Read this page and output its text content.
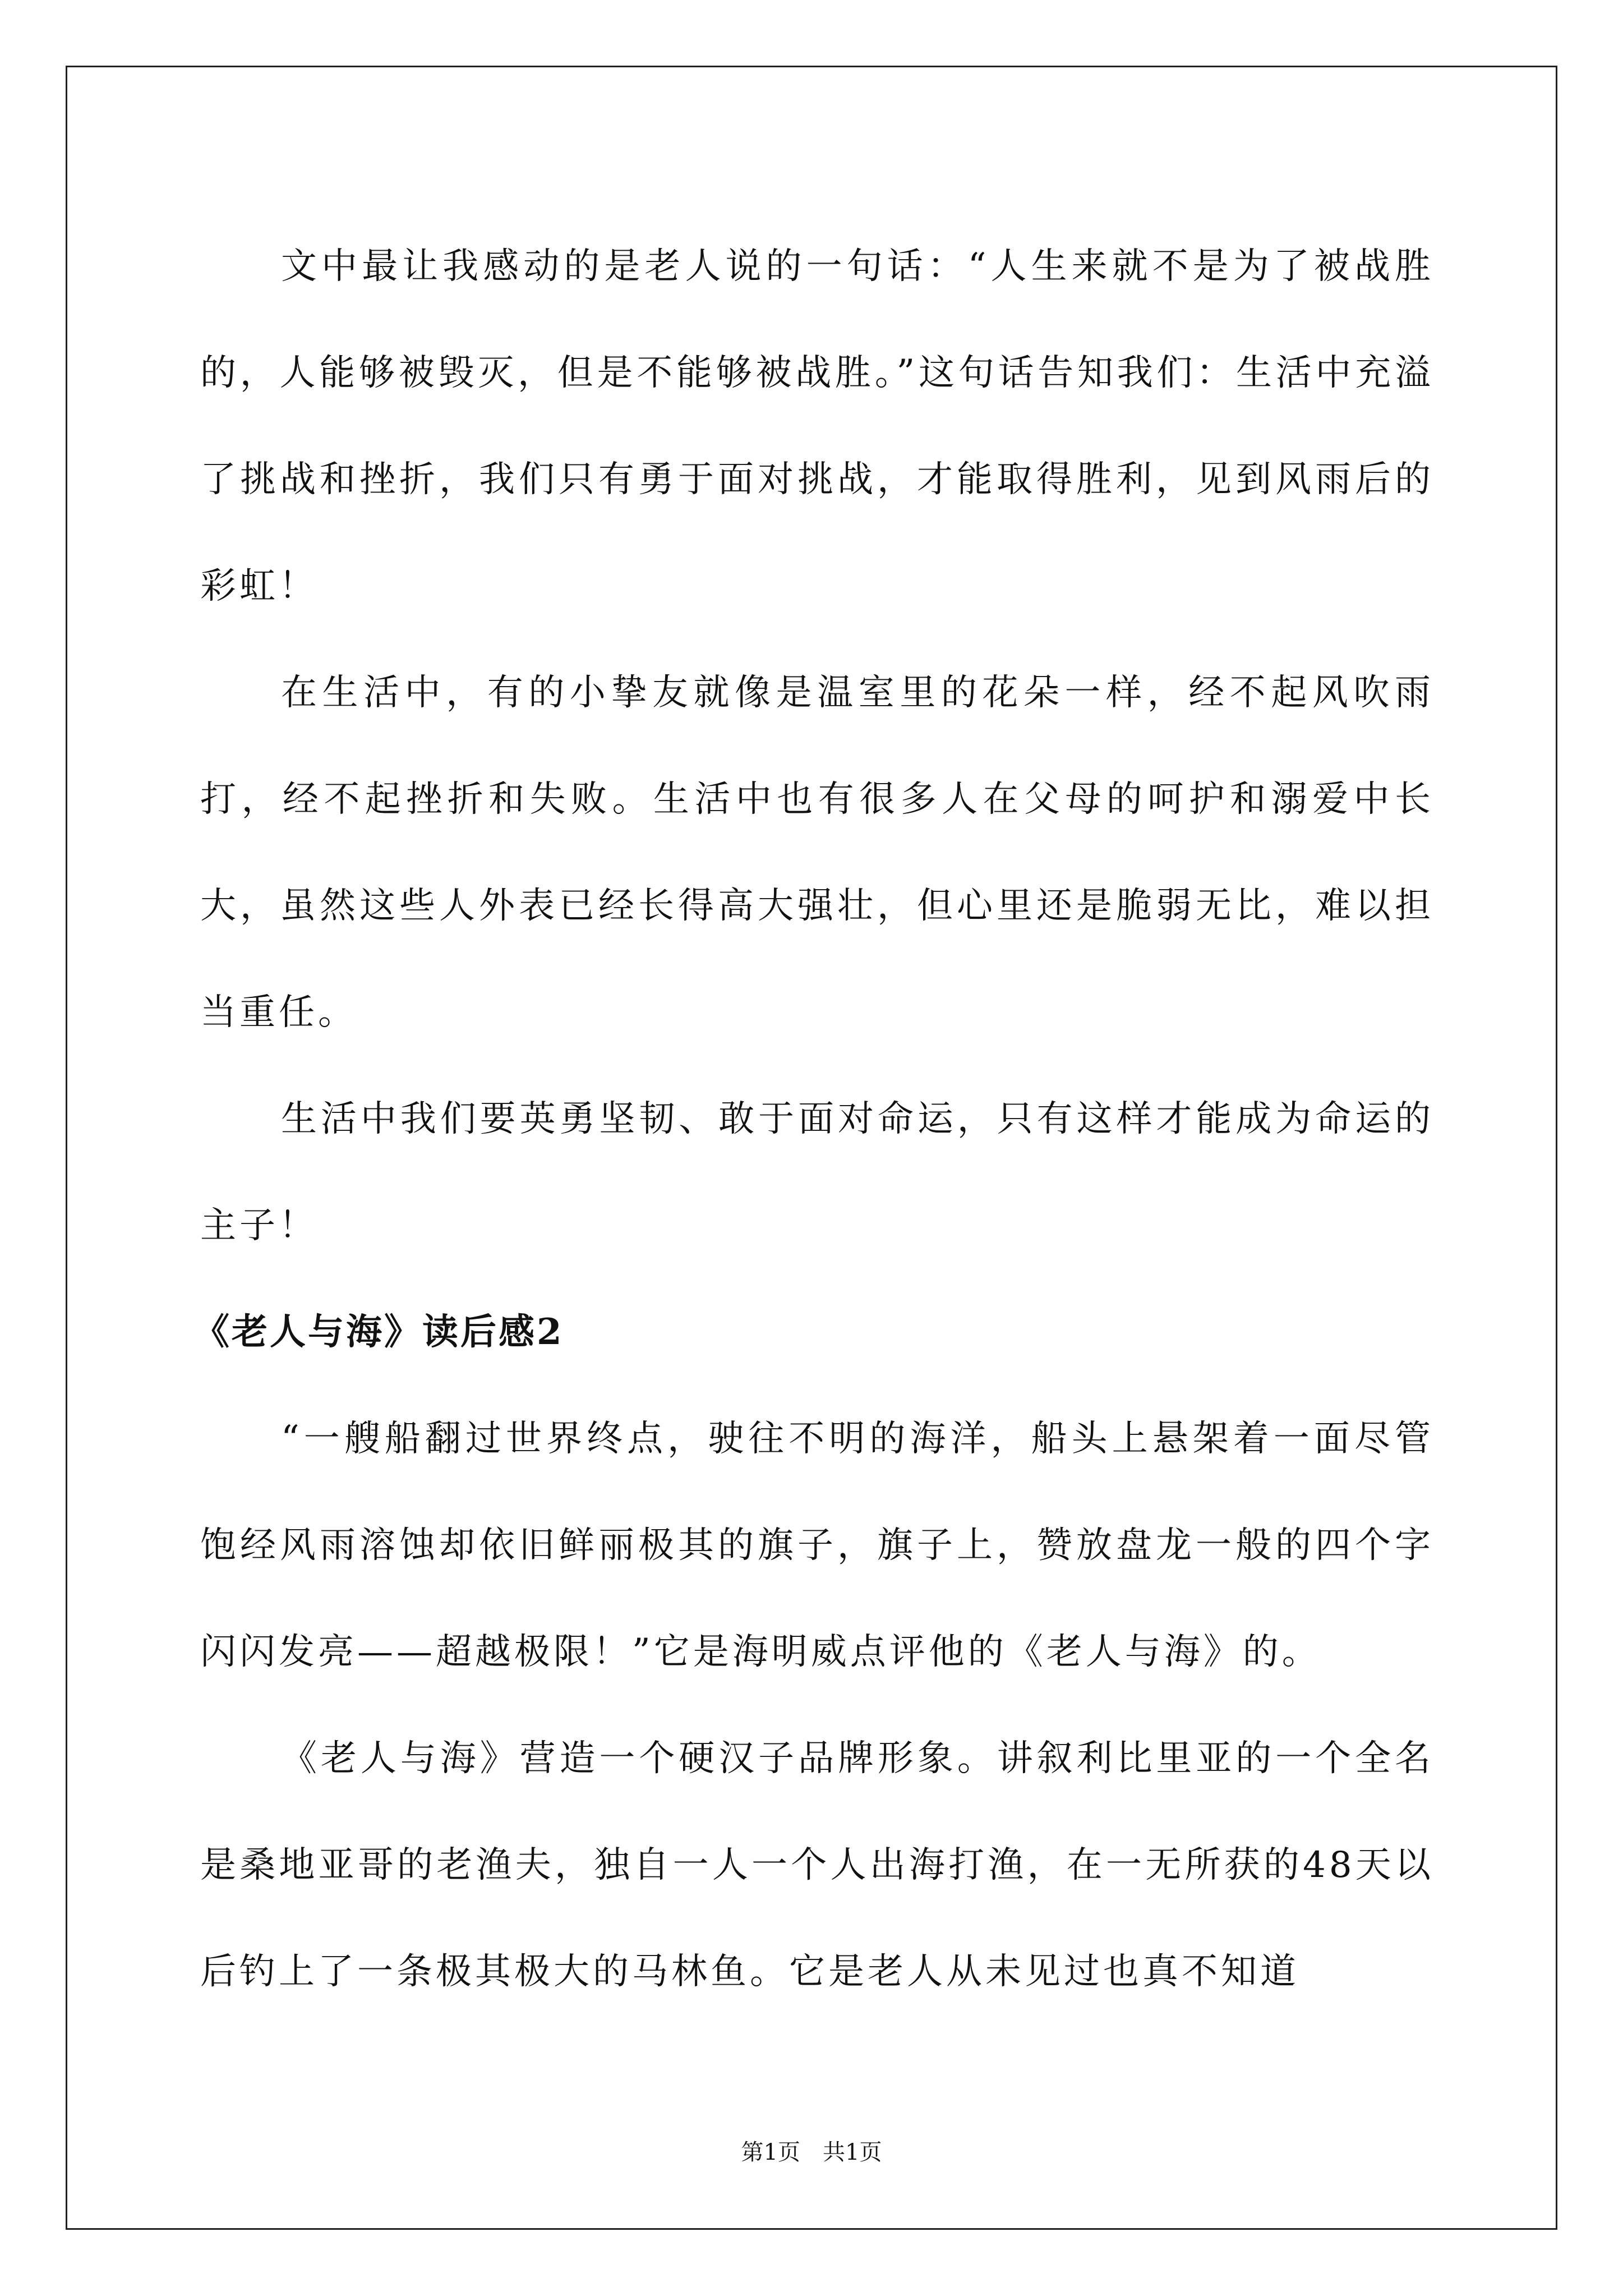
文中最让我感动的是老人说的一句话：“人生来就不是为了被战胜的，人能够被毁灭，但是不能够被战胜。”这句话告知我们：生活中充溢了挑战和挫折，我们只有勇于面对挑战，才能取得胜利，见到风雨后的彩虹！

在生活中，有的小挚友就像是温室里的花朵一样，经不起风吹雨打，经不起挫折和失败。生活中也有很多人在父母的呵护和溺爱中长大，虽然这些人外表已经长得高大强壮，但心里还是脆弱无比，难以担当重任。

生活中我们要英勇坚韧、敢于面对命运，只有这样才能成为命运的主子！

《老人与海》读后感2

“一艘船翻过世界终点，驶往不明的海洋，船头上悬架着一面尽管饱经风雨溶蚀却依旧鲜丽极其的旗子，旗子上，赞放盘龙一般的四个字闪闪发亮——超越极限！”它是海明威点评他的《老人与海》的。

《老人与海》营造一个硬汉子品牌形象。讲叙利比里亚的一个全名是桑地亚哥的老渔夫，独自一人一个人出海打渔，在一无所获的48天以后钓上了一条极其极大的马林鱼。它是老人从未见过也真不知道

第1页 共1页
